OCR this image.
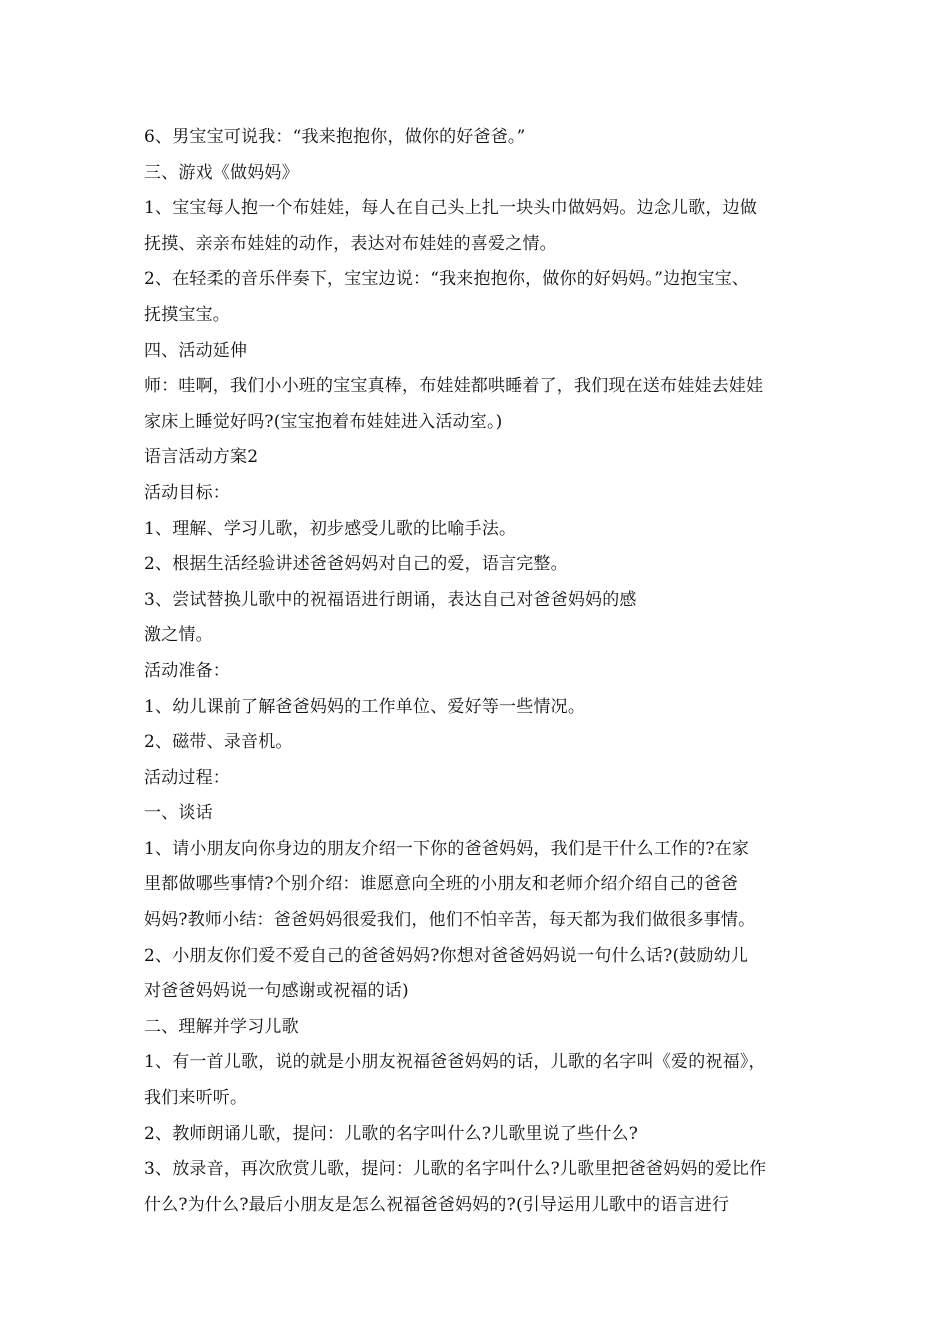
6、男宝宝可说我：“我来抱抱你，做你的好爸爸。”
三、游戏《做妈妈》
1、宝宝每人抱一个布娃娃，每人在自己头上扎一块头巾做妈妈。边念儿歌，边做
抚摸、亲亲布娃娃的动作，表达对布娃娃的喜爱之情。
2、在轻柔的音乐伴奏下，宝宝边说：“我来抱抱你，做你的好妈妈。”边抱宝宝、
抚摸宝宝。
四、活动延伸
师：哇啊，我们小小班的宝宝真棒，布娃娃都哄睡着了，我们现在送布娃娃去娃娃
家床上睡觉好吗?(宝宝抱着布娃娃进入活动室。)
语言活动方案2
活动目标：
1、理解、学习儿歌，初步感受儿歌的比喻手法。
2、根据生活经验讲述爸爸妈妈对自己的爱，语言完整。
3、尝试替换儿歌中的祝福语进行朗诵，表达自己对爸爸妈妈的感
激之情。
活动准备：
1、幼儿课前了解爸爸妈妈的工作单位、爱好等一些情况。
2、磁带、录音机。
活动过程：
一、谈话
1、请小朋友向你身边的朋友介绍一下你的爸爸妈妈，我们是干什么工作的?在家
里都做哪些事情?个别介绍：谁愿意向全班的小朋友和老师介绍介绍自己的爸爸
妈妈?教师小结：爸爸妈妈很爱我们，他们不怕辛苦，每天都为我们做很多事情。
2、小朋友你们爱不爱自己的爸爸妈妈?你想对爸爸妈妈说一句什么话?(鼓励幼儿
对爸爸妈妈说一句感谢或祝福的话)
二、理解并学习儿歌
1、有一首儿歌，说的就是小朋友祝福爸爸妈妈的话，儿歌的名字叫《爱的祝福》，
我们来听听。
2、教师朗诵儿歌，提问：儿歌的名字叫什么?儿歌里说了些什么?
3、放录音，再次欣赏儿歌，提问：儿歌的名字叫什么?儿歌里把爸爸妈妈的爱比作
什么?为什么?最后小朋友是怎么祝福爸爸妈妈的?(引导运用儿歌中的语言进行
